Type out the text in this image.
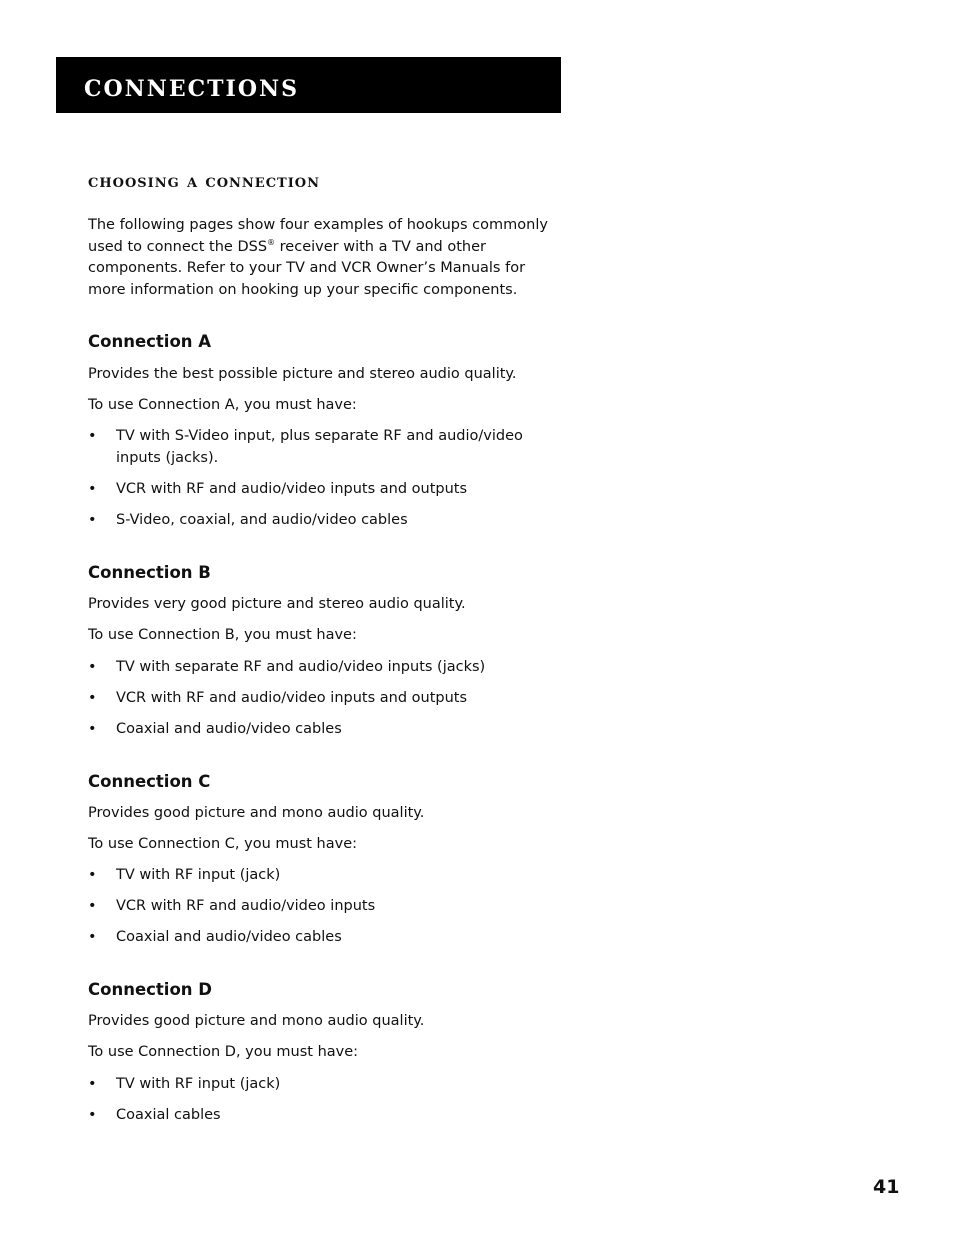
connections
choosing a connection

The following pages show four examples of hookups commonly used to connect the DSS® receiver with a TV and other components. Refer to your TV and VCR Owner’s Manuals for more information on hooking up your specific components.

Connection A

Provides the best possible picture and stereo audio quality.

To use Connection A, you must have:

• TV with S-Video input, plus separate RF and audio/video inputs (jacks).
• VCR with RF and audio/video inputs and outputs
• S-Video, coaxial, and audio/video cables
Connection B

Provides very good picture and stereo audio quality.

To use Connection B, you must have:

• TV with separate RF and audio/video inputs (jacks)
• VCR with RF and audio/video inputs and outputs
• Coaxial and audio/video cables
Connection C

Provides good picture and mono audio quality.

To use Connection C, you must have:

• TV with RF input (jack)
• VCR with RF and audio/video inputs
• Coaxial and audio/video cables
Connection D

Provides good picture and mono audio quality.

To use Connection D, you must have:

• TV with RF input (jack)
• Coaxial cables

41
